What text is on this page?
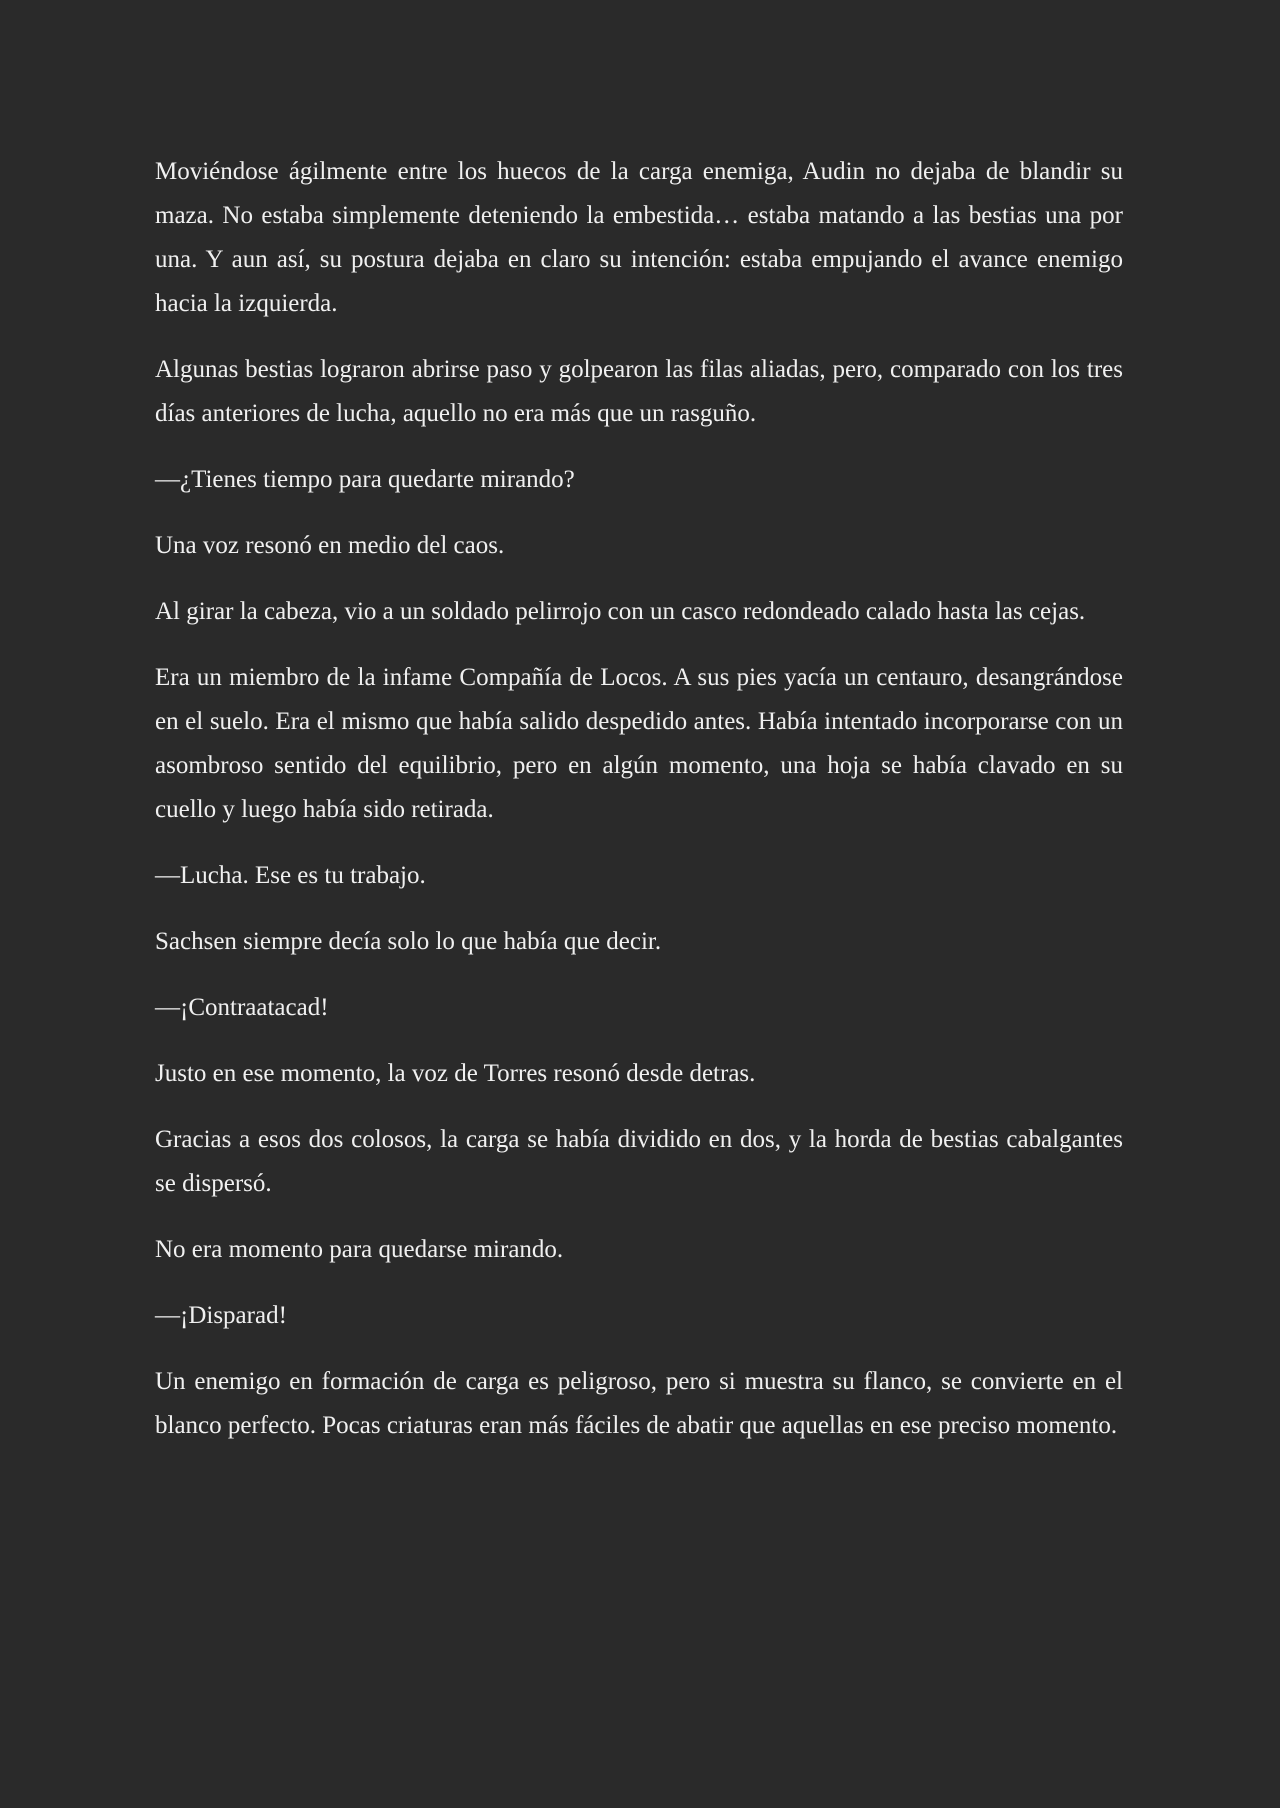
Moviéndose ágilmente entre los huecos de la carga enemiga, Audin no dejaba de blandir su maza. No estaba simplemente deteniendo la embestida… estaba matando a las bestias una por una. Y aun así, su postura dejaba en claro su intención: estaba empujando el avance enemigo hacia la izquierda.

Algunas bestias lograron abrirse paso y golpearon las filas aliadas, pero, comparado con los tres días anteriores de lucha, aquello no era más que un rasguño.

—¿Tienes tiempo para quedarte mirando?

Una voz resonó en medio del caos.

Al girar la cabeza, vio a un soldado pelirrojo con un casco redondeado calado hasta las cejas.

Era un miembro de la infame Compañía de Locos. A sus pies yacía un centauro, desangrándose en el suelo. Era el mismo que había salido despedido antes. Había intentado incorporarse con un asombroso sentido del equilibrio, pero en algún momento, una hoja se había clavado en su cuello y luego había sido retirada.

—Lucha. Ese es tu trabajo.

Sachsen siempre decía solo lo que había que decir.

—¡Contraatacad!

Justo en ese momento, la voz de Torres resonó desde detras.

Gracias a esos dos colosos, la carga se había dividido en dos, y la horda de bestias cabalgantes se dispersó.

No era momento para quedarse mirando.

—¡Disparad!

Un enemigo en formación de carga es peligroso, pero si muestra su flanco, se convierte en el blanco perfecto. Pocas criaturas eran más fáciles de abatir que aquellas en ese preciso momento.
